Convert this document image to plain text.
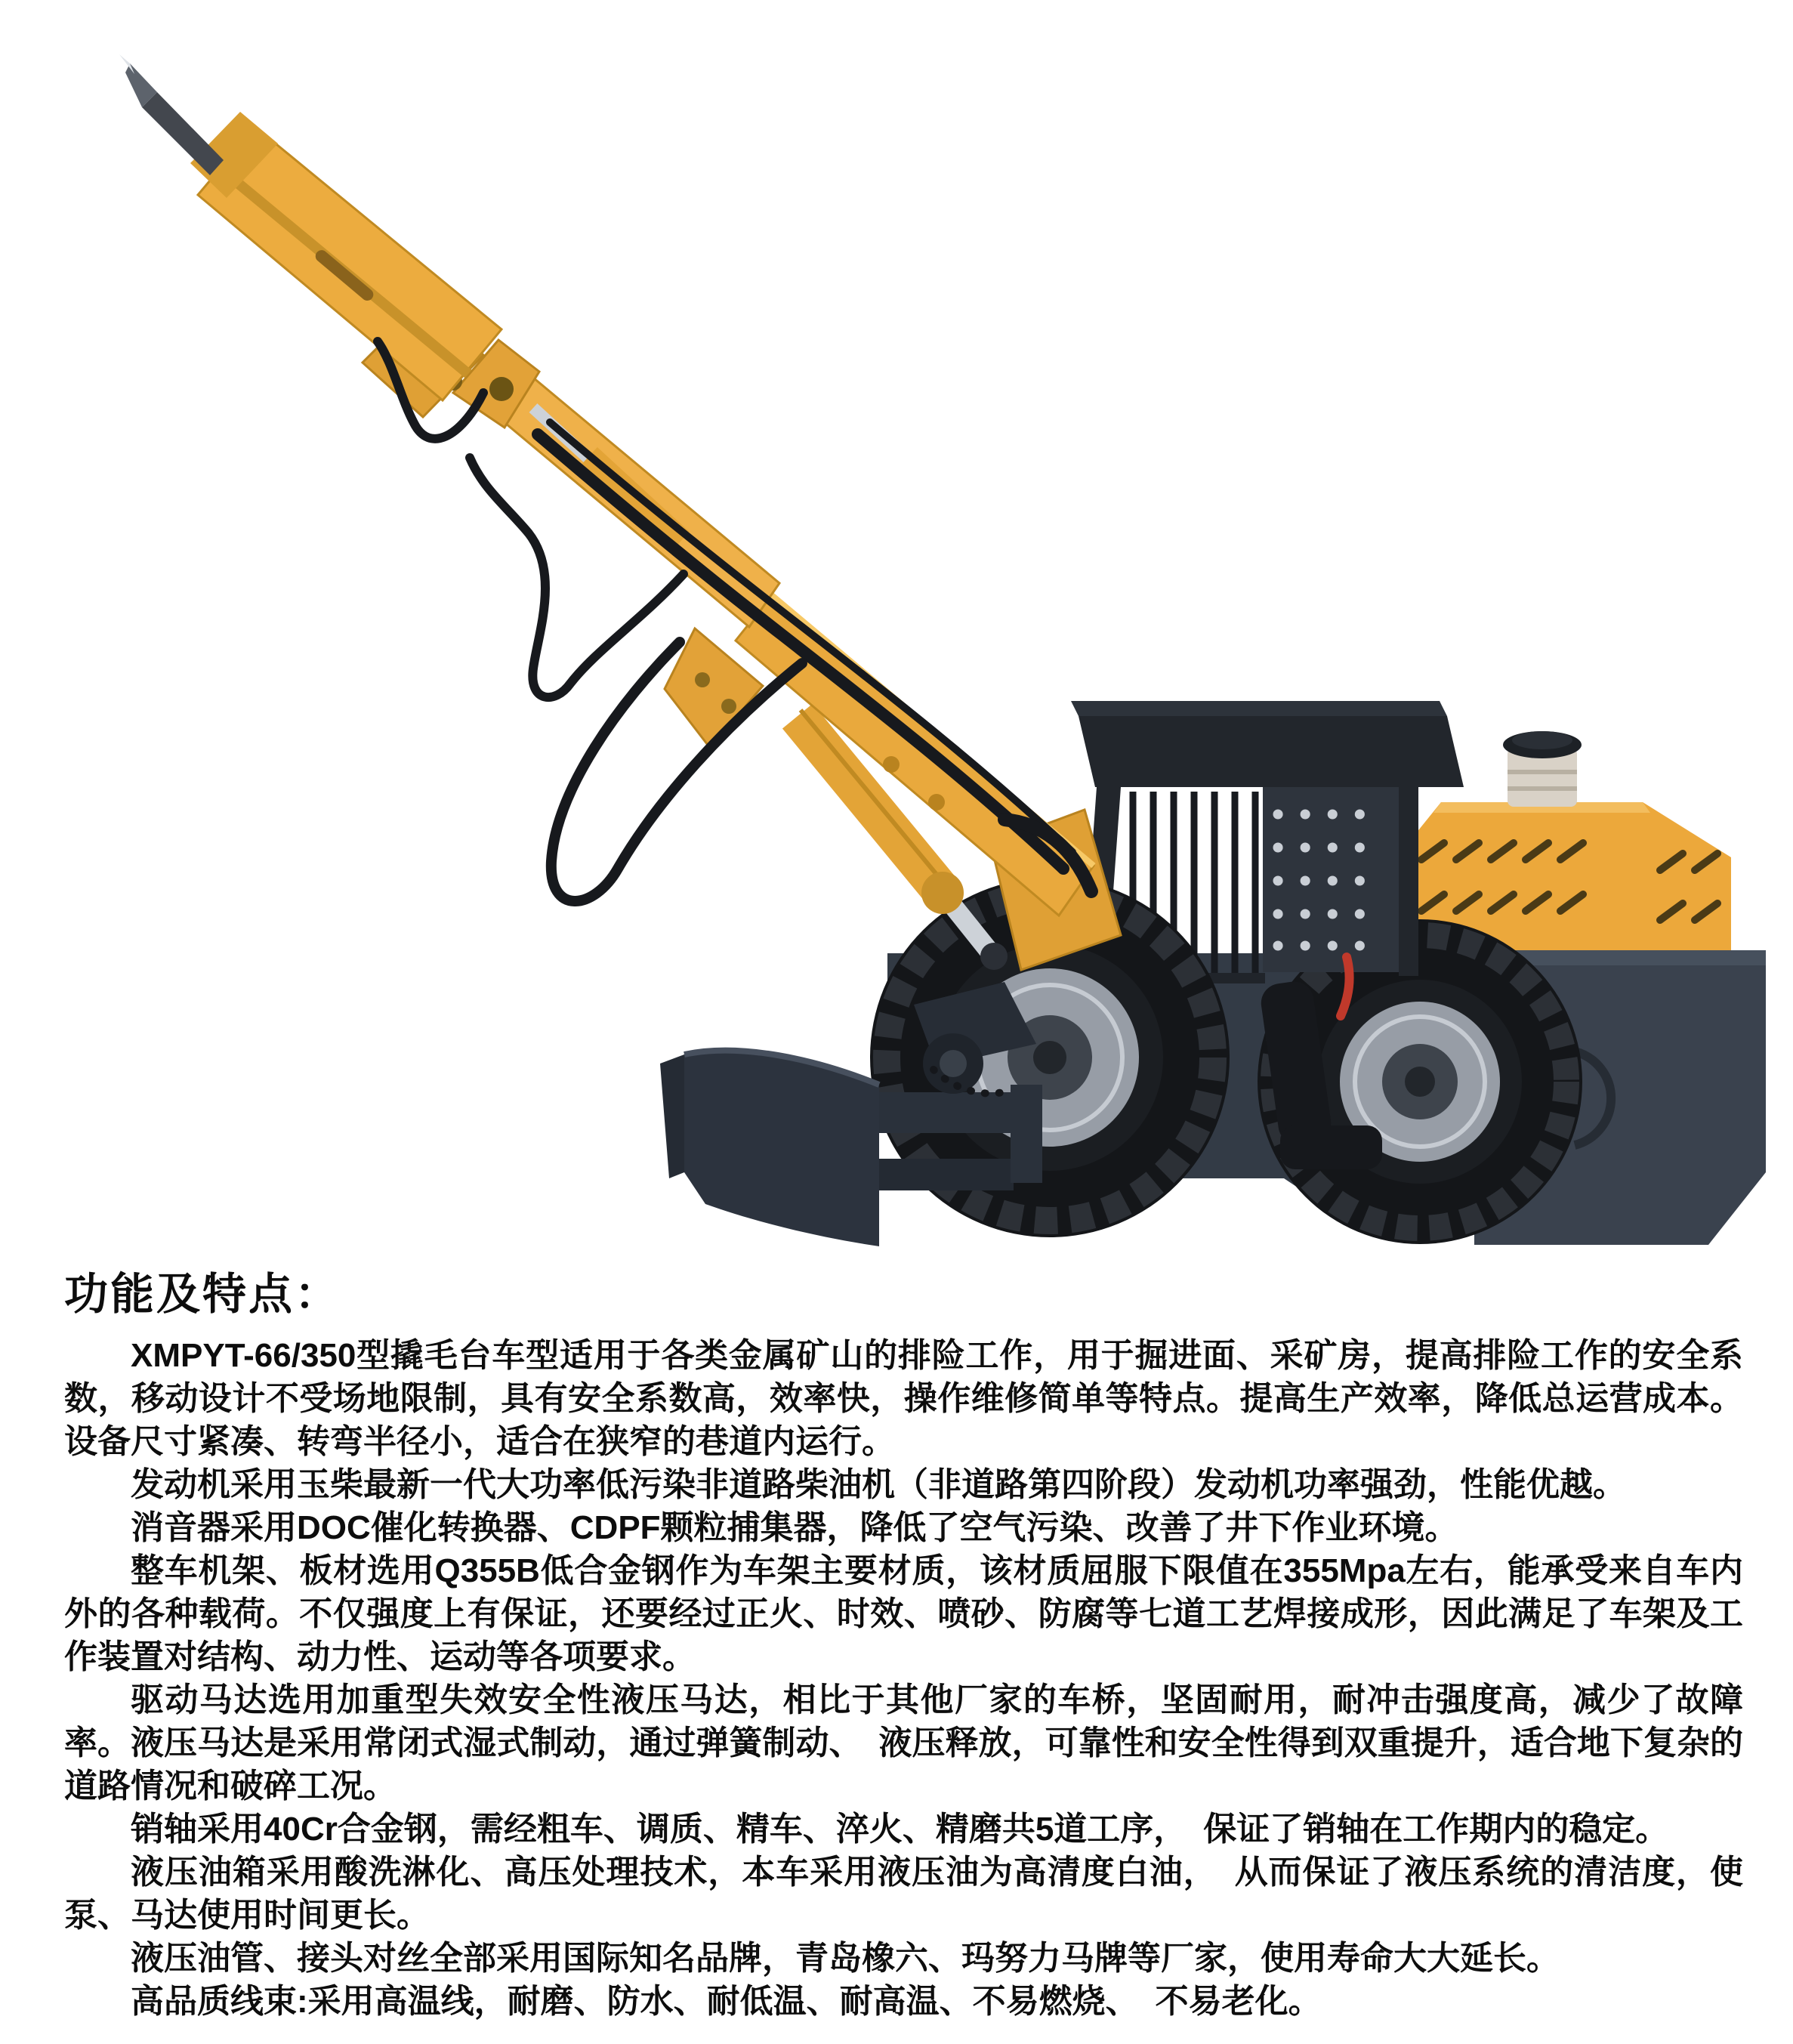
功能及特点：

XMPYT-66/350型撬毛台车型适用于各类金属矿山的排险工作，用于掘进面、采矿房，提高排险工作的安全系数，移动设计不受场地限制，具有安全系数高，效率快，操作维修简单等特点。提高生产效率，降低总运营成本。设备尺寸紧凑、转弯半径小，适合在狭窄的巷道内运行。

发动机采用玉柴最新一代大功率低污染非道路柴油机（非道路第四阶段）发动机功率强劲，性能优越。

消音器采用DOC催化转换器、CDPF颗粒捕集器，降低了空气污染、改善了井下作业环境。

整车机架、板材选用Q355B低合金钢作为车架主要材质，该材质屈服下限值在355Mpa左右，能承受来自车内外的各种载荷。不仅强度上有保证，还要经过正火、时效、喷砂、防腐等七道工艺焊接成形，因此满足了车架及工作装置对结构、动力性、运动等各项要求。

驱动马达选用加重型失效安全性液压马达，相比于其他厂家的车桥，坚固耐用，耐冲击强度高，减少了故障率。液压马达是采用常闭式湿式制动，通过弹簧制动、　液压释放，可靠性和安全性得到双重提升，适合地下复杂的道路情况和破碎工况。

销轴采用40Cr合金钢，需经粗车、调质、精车、淬火、精磨共5道工序，　保证了销轴在工作期内的稳定。

液压油箱采用酸洗淋化、高压处理技术，本车采用液压油为高清度白油，　从而保证了液压系统的清洁度，使泵、马达使用时间更长。

液压油管、接头对丝全部采用国际知名品牌，青岛橡六、玛努力马牌等厂家，使用寿命大大延长。

高品质线束:采用高温线，耐磨、防水、耐低温、耐高温、不易燃烧、　不易老化。
